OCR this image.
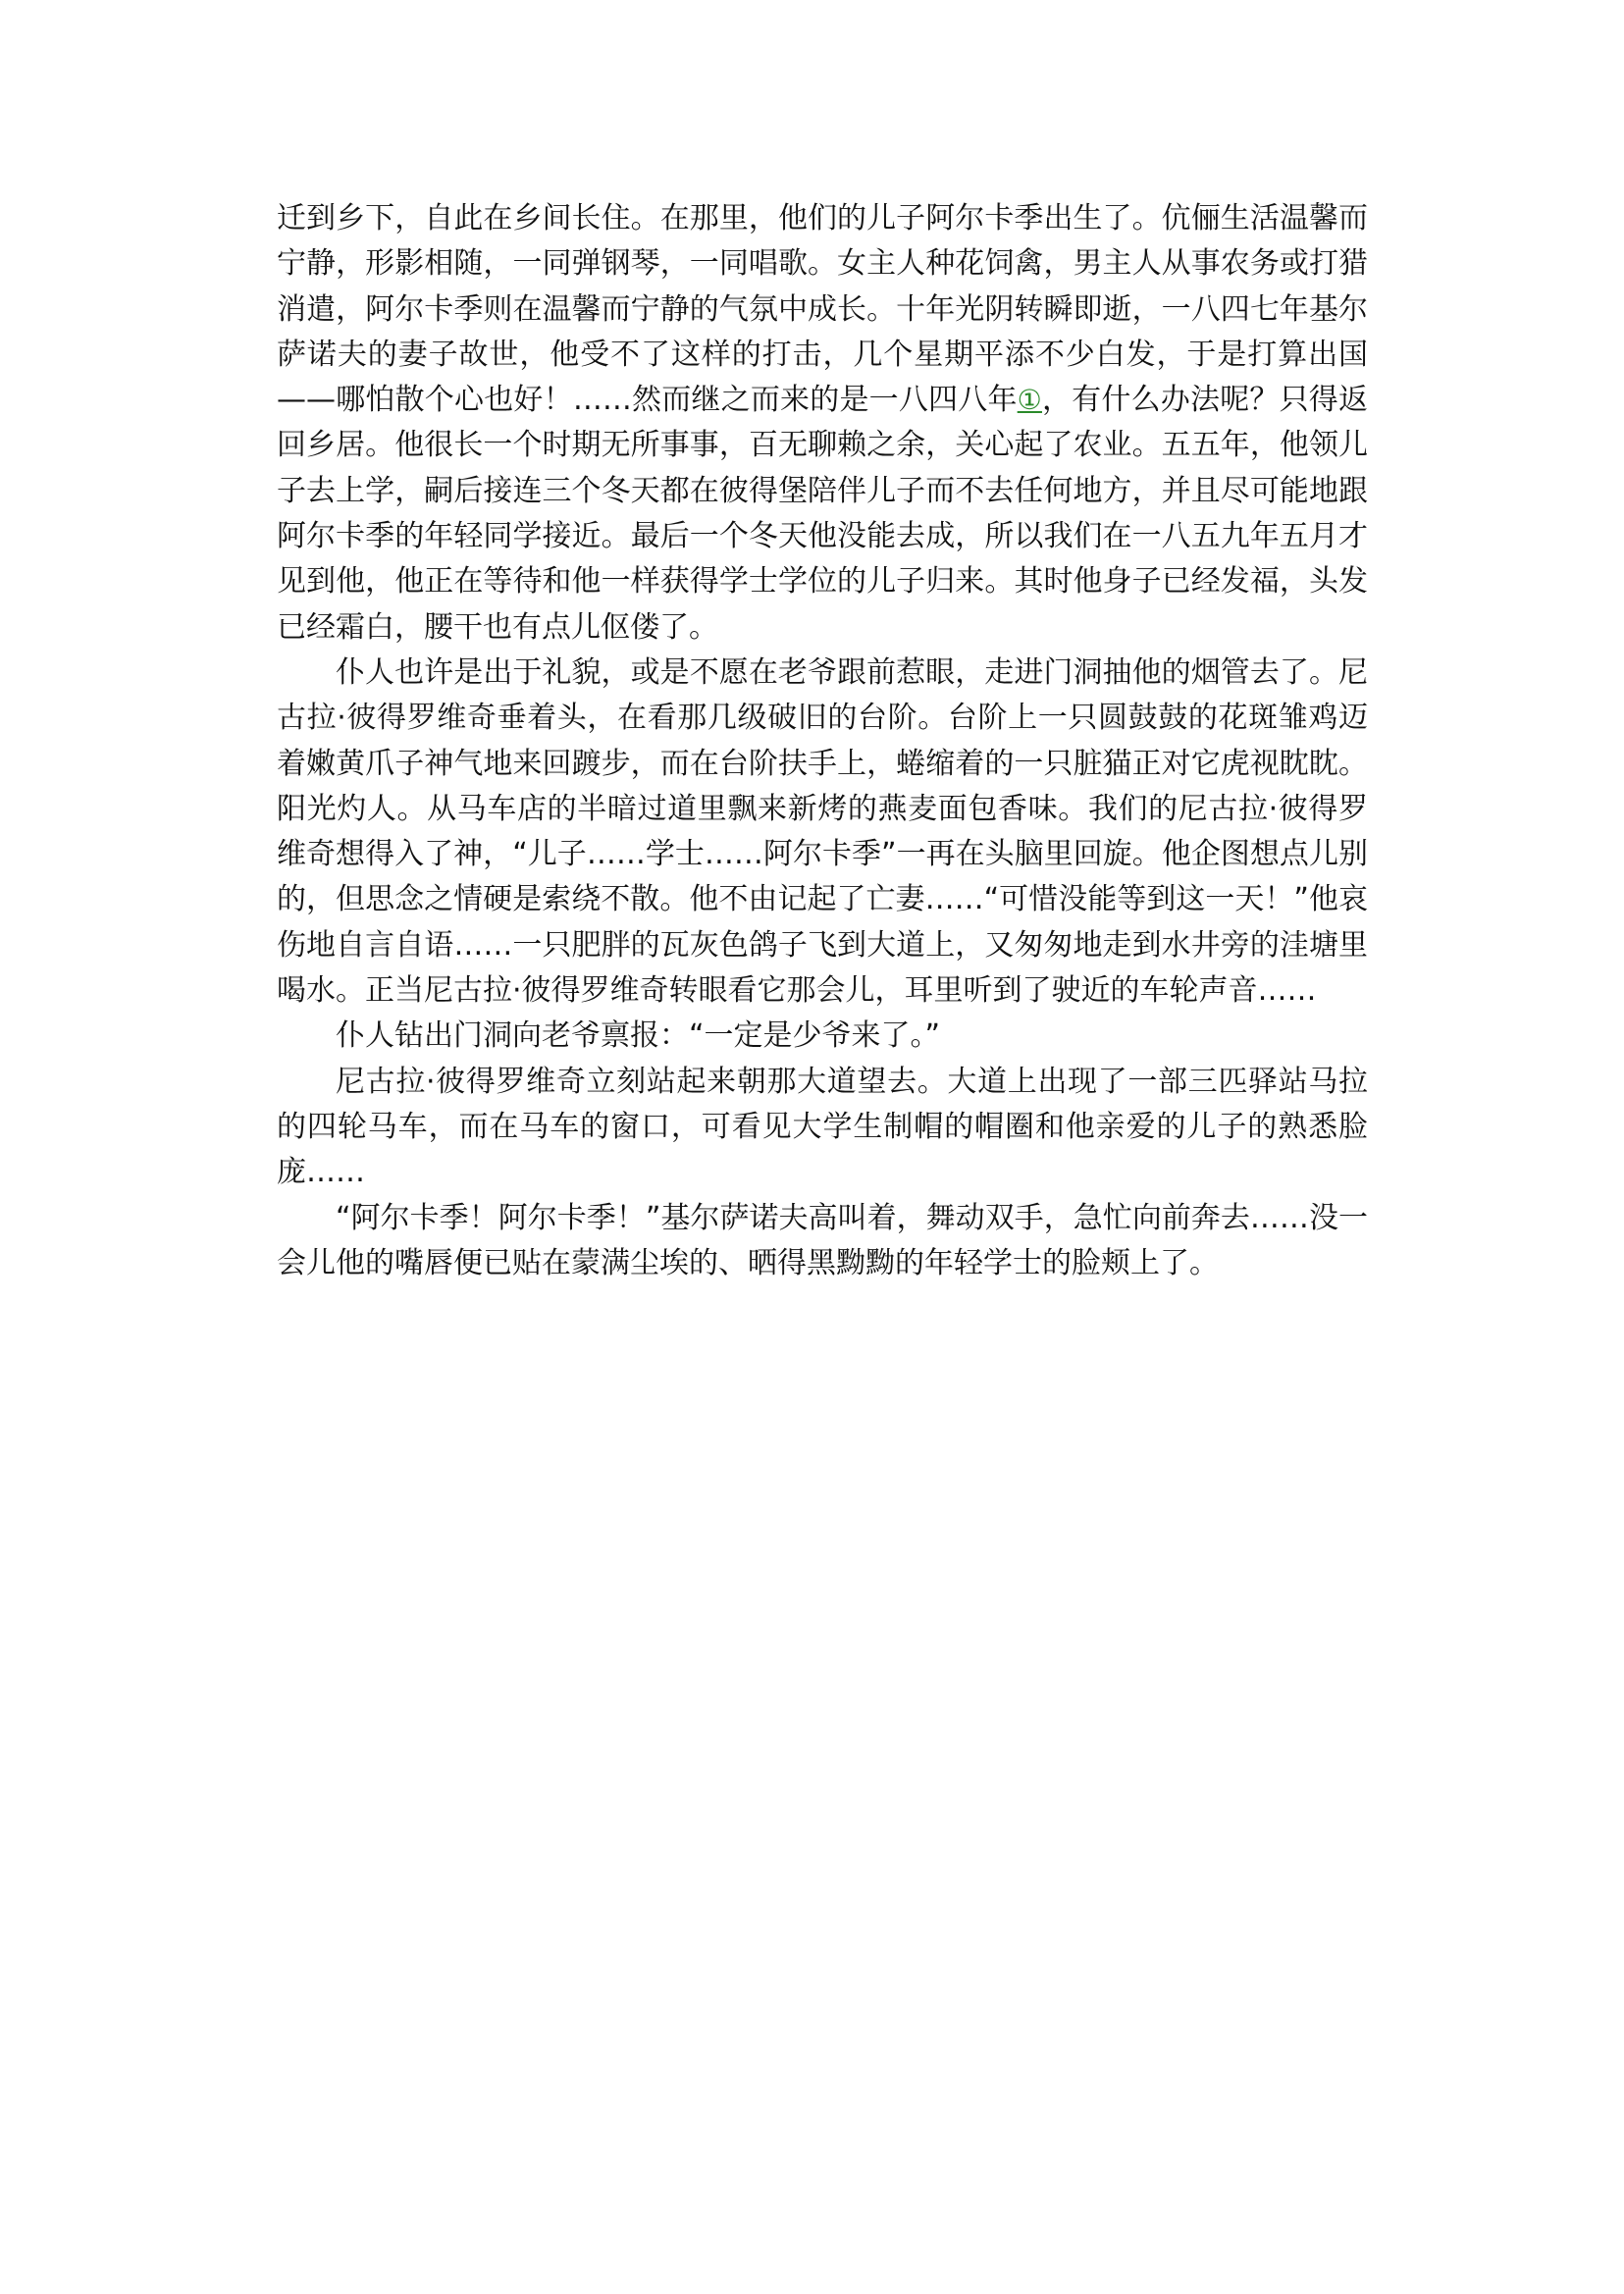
迁到乡下，自此在乡间长住。在那里，他们的儿子阿尔卡季出生了。伉俪生活温馨而宁静，形影相随，一同弹钢琴，一同唱歌。女主人种花饲禽，男主人从事农务或打猎消遣，阿尔卡季则在温馨而宁静的气氛中成长。十年光阴转瞬即逝，一八四七年基尔萨诺夫的妻子故世，他受不了这样的打击，几个星期平添不少白发，于是打算出国——哪怕散个心也好！……然而继之而来的是一八四八年①，有什么办法呢？只得返回乡居。他很长一个时期无所事事，百无聊赖之余，关心起了农业。五五年，他领儿子去上学，嗣后接连三个冬天都在彼得堡陪伴儿子而不去任何地方，并且尽可能地跟阿尔卡季的年轻同学接近。最后一个冬天他没能去成，所以我们在一八五九年五月才见到他，他正在等待和他一样获得学士学位的儿子归来。其时他身子已经发福，头发已经霜白，腰干也有点儿伛偻了。

仆人也许是出于礼貌，或是不愿在老爷跟前惹眼，走进门洞抽他的烟管去了。尼古拉·彼得罗维奇垂着头，在看那几级破旧的台阶。台阶上一只圆鼓鼓的花斑雏鸡迈着嫩黄爪子神气地来回踱步，而在台阶扶手上，蜷缩着的一只脏猫正对它虎视眈眈。阳光灼人。从马车店的半暗过道里飘来新烤的燕麦面包香味。我们的尼古拉·彼得罗维奇想得入了神，“儿子……学士……阿尔卡季”一再在头脑里回旋。他企图想点儿别的，但思念之情硬是索绕不散。他不由记起了亡妻……“可惜没能等到这一天！”他哀伤地自言自语……一只肥胖的瓦灰色鸽子飞到大道上，又匆匆地走到水井旁的洼塘里喝水。正当尼古拉·彼得罗维奇转眼看它那会儿，耳里听到了驶近的车轮声音……

仆人钻出门洞向老爷禀报：“一定是少爷来了。”

尼古拉·彼得罗维奇立刻站起来朝那大道望去。大道上出现了一部三匹驿站马拉的四轮马车，而在马车的窗口，可看见大学生制帽的帽圈和他亲爱的儿子的熟悉脸庞……

“阿尔卡季！阿尔卡季！”基尔萨诺夫高叫着，舞动双手，急忙向前奔去……没一会儿他的嘴唇便已贴在蒙满尘埃的、晒得黑黝黝的年轻学士的脸颊上了。
